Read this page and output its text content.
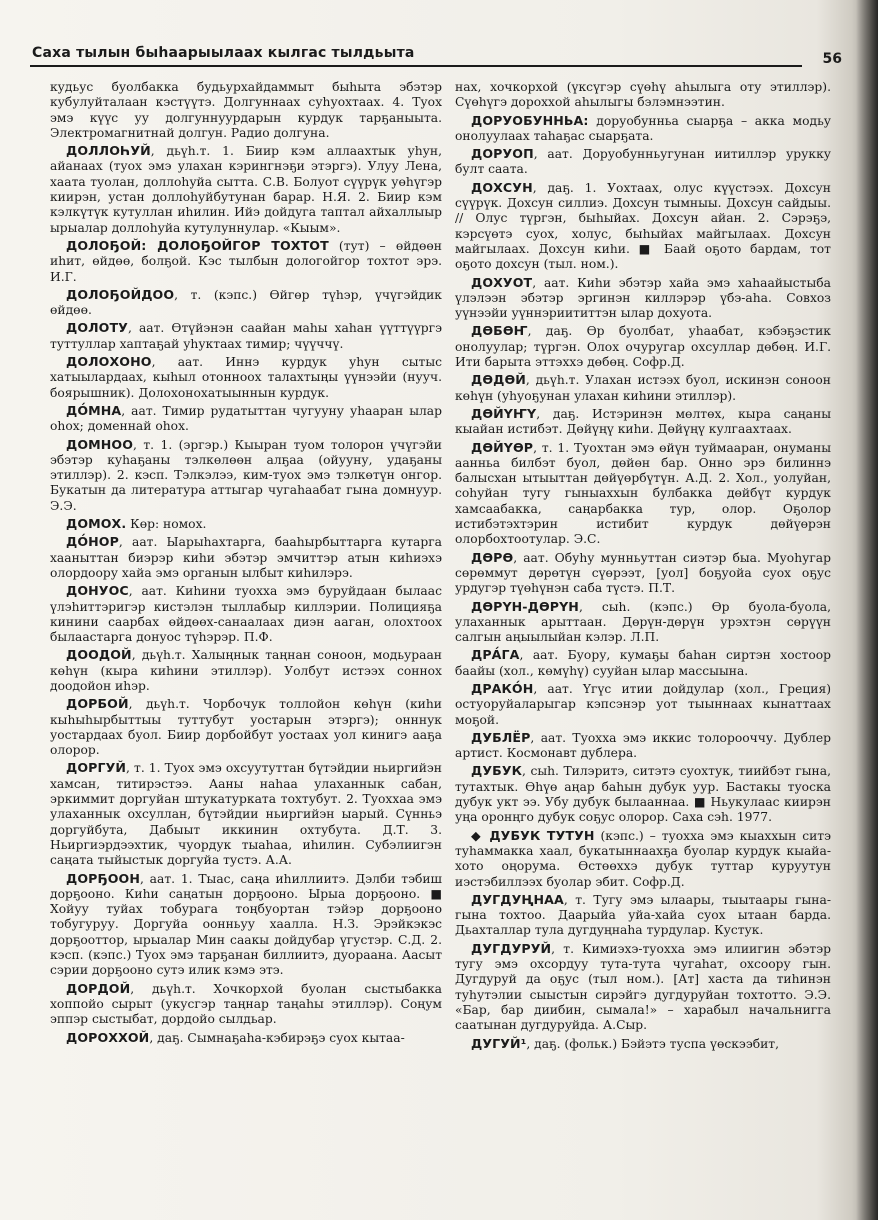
Саха тылын быһаарыылаах кылгас тылдьыта	56

кудьус буолбакка будьурхайдаммыт быһыта эбэтэр кубулуйталаан кэстүүтэ. Долгуннаах суһуохтаах. 4. Туох эмэ күүс уу долгуннуурдарын курдук тарҕаныыта. Электромагнитнай долгун. Радио долгуна.

ДОЛЛОҺУЙ, дьүһ.т. 1. Биир кэм аллаахтык уһун, айанаах (туох эмэ улахан кэрингнэҕи этэргэ). Улуу Лена, хаата туолан, доллоһуйа сытта. С.В. Болуот сүүрүк уөһүгэр киирэн, устан доллоһуйбутунан барар. Н.Я. 2. Биир кэм кэлкүтүк кутуллан иһилин. Ийэ дойдуга таптал айхаллыыр ырыалар доллоһуйа кутулуннулар. «Кыым».

ДОЛОҔОЙ: ДОЛОҔОЙГОР ТОХТОТ (тут) – өйдөөн иһит, өйдөө, болҕой. Кэс тылбын дологойгор тохтот эрэ. И.Г.

ДОЛОҔОЙДОО, т. (кэпс.) Өйгөр түһэр, үчүгэйдик өйдөө.

ДОЛОТУ, аат. Өтүйэнэн саайан маһы хаһан үүттүүргэ туттуллар хаптаҕай уһуктаах тимир; чүүччү.

ДОЛОХОНО, аат. Иннэ курдук уһун сытыс хатыылардаах, кыһыл отонноох талахтыңы үүнээйи (нууч. боярышник). Долохонохатыыннын курдук.

ДО́МНА, аат. Тимир рудатыттан чугууну уһааран ылар оһох; доменнай оһох.

ДОМНОО, т. 1. (эргэр.) Кыыран туом толорон үчүгэйи эбэтэр куһаҕаны тэлкөлөөн алҕаа (ойууну, удаҕаны этиллэр). 2. кэсп. Тэлкэлээ, ким-туох эмэ тэлкөтүн онгор. Букатын да литература аттыгар чугаһаабат гына домнуур. Э.Э.

ДОМОХ. Көр: номох.

ДО́НОР, аат. Ыарыһахтарга, бааһырбыттарга кутарга хааныттан биэрэр киһи эбэтэр эмчиттэр атын киһиэхэ олордоору хайа эмэ органын ылбыт киһилэрэ.

ДОНУОС, аат. Киһини туохха эмэ буруйдаан былаас үлэһиттэригэр кистэлэн тыллабыр киллэрии. Полицияҕа кинини саарбах өйдөөх-санаалаах диэн ааган, олохтоох былаастарга донуос түһэрэр. П.Ф.

ДООДОЙ, дьүһ.т. Халыңнык таңнан соноон, модьураан көһүн (кыра киһини этиллэр). Уолбут истээх соннох доодойон иһэр.

ДОРБОЙ, дьүһ.т. Чорбочук толлойон көһүн (киһи кыһыһырбыттыы туттубут уостарын этэргэ); онннук уостардаах буол. Биир дорбойбут уостаах уол кинигэ ааҕа олорор.

ДОРГУЙ, т. 1. Туох эмэ охсуутуттан бүтэйдии ньиргийэн хамсан, титирэстээ. Ааны наһаа улаханнык сабан, эркиммит доргуйан штукатурката тохтубут. 2. Туоххаа эмэ улаханнык охсуллан, бүтэйдии ньиргийэн ыарый. Сүнньэ доргуйбута, Дабыыт иккинин охтубута. Д.Т. 3. Ньиргиэрдээхтик, чуордук тыаһаа, иһилин. Субэлиигэн саңата тыйыстык доргуйа тустэ. А.А.

ДОРҔООН, аат. 1. Тыас, саңа иһиллиитэ. Дэлби тэбиш дорҕооно. Киһи саңатын дорҕооно. Ырыа дорҕооно. ■ Хойуу туйах тобурага тоңбуортан тэйэр дорҕооно тобугуруу. Доргуйа оонньуу хаалла. Н.З. Эрэйкэкэс дорҕооттор, ырыалар Мин саакы дойдубар үгустэр. С.Д. 2. кэсп. (кэпс.) Туох эмэ тарҕанан биллиитэ, дуораана. Аасыт сэрии дорҕооно сутэ илик кэмэ этэ.

ДОРДОЙ, дьүһ.т. Хочкорхой буолан сыстыбакка хоппойо сырыт (укусгэр таңнар таңаһы этиллэр). Соңум эппэр сыстыбат, дордойо сылдьар.

ДОРОХХОЙ, даҕ. Сымнаҕаһа-кэбирэҕэ суох кытаа-

нах, хочкорхой (үксүгэр сүөһү аһылыга оту этиллэр). Сүөһүгэ дороххой аһылыгы бэлэмнээтин.

ДОРУОБУННЬА: доруобунньа сыарҕа – акка модьу онолуулаах таһаҕас сыарҕата.

ДОРУОП, аат. Доруобунньугунан иитиллэр урукку булт саата.

ДОХСУН, даҕ. 1. Уохтаах, олус күүстээх. Дохсун сүүрүк. Дохсун силлиэ. Дохсун тымныы. Дохсун сайдыы. // Олус түргэн, быһыйах. Дохсун айан. 2. Сэрэҕэ, кэрсүөтэ суох, холус, быһыйах майгылаах. Дохсун майгылаах. Дохсун киһи. ■ Баай оҕото бардам, тот оҕото дохсун (тыл. ном.).

ДОХУОТ, аат. Киһи эбэтэр хайа эмэ хаһаайыстыба үлэлээн эбэтэр эргинэн киллэрэр үбэ-аһа. Совхоз уүнээйи уүннэриититтэн ылар дохуота.

ДӨБӨҤ, даҕ. Өр буолбат, уһаабат, кэбэҕэстик онолуулар; түргэн. Олох очуругар охсуллар дөбөң. И.Г. Ити барыта эттэххэ дөбөң. Софр.Д.

ДӨДӨЙ, дьүһ.т. Улахан истээх буол, искинэн соноон көһүн (уһуоҕунан улахан киһини этиллэр).

ДӨЙҮҤҮ, даҕ. Истэринэн мөлтөх, кыра саңаны кыайан истибэт. Дөйүңү киһи. Дөйүңү кулгаахтаах.

ДӨЙҮӨР, т. 1. Туохтан эмэ өйүн туймааран, онуманы аанньа билбэт буол, дөйөн бар. Онно эрэ билиннэ балысхан ытыыттан дөйүөрбүтүн. А.Д. 2. Хол., уолуйан, соһуйан тугу гыныаххын булбакка дөйбүт курдук хамсаабакка, саңарбакка тур, олор. Оҕолор истибэтэхтэрин истибит курдук дөйүөрэн олорбохтоотулар. Э.С.

ДӨРӨ, аат. Обуһу мунньуттан сиэтэр быа. Муоһугар сөрөммут дөрөтүн сүөрээт, [уол] боҕуойа суох оҕус урдугэр түөһүнэн саба түстэ. П.Т.

ДӨРҮН-ДӨРҮН, сыһ. (кэпс.) Өр буола-буола, улаханнык арыттаан. Дөрүн-дөрүн урэхтэн сөрүүн салгын аңыылыйан кэлэр. Л.П.

ДРА́ГА, аат. Буору, кумаҕы баһан сиртэн хостоор баайы (хол., көмүһү) сууйан ылар массыына.

ДРАКО́Н, аат. Үгүс итии дойдулар (хол., Греция) остуоруйаларыгар кэпсэнэр уот тыыннаах кынаттаах моҕой.

ДУБЛЁР, аат. Туохха эмэ иккис толорооччу. Дублер артист. Космонавт дублера.

ДУБУК, сыһ. Тилэритэ, ситэтэ суохтук, тиийбэт гына, тутахтык. Өһүө аңар баһын дубук уур. Бастакы туоска дубук укт ээ. Убу дубук былааннаа. ■ Ньукулаас киирэн уңа оронңго дубук соҕус олорор. Саха сэһ. 1977.

◆ ДУБУК ТУТУН (кэпс.) – туохха эмэ кыаххын ситэ туһаммакка хаал, букатыннаахҕа буолар курдук кыайа-хото оңорума. Өстөөххэ дубук туттар куруутун иэстэбиллээх буолар эбит. Софр.Д.

ДУГДУҢНАА, т. Тугу эмэ ылаары, тыытаары гына-гына тохтоо. Даарыйа уйа-хайа суох ытаан барда. Дьахталлар тула дугдуңнаһа турдулар. Кустук.

ДУГДУРУЙ, т. Кимиэхэ-туохха эмэ илиигин эбэтэр тугу эмэ охсордуу тута-тута чугаһат, охсоору гын. Дугдуруй да оҕус (тыл ном.). [Ат] хаста да тиһинэн туһутэлии сыыстын сирэйгэ дугдуруйан тохтотто. Э.Э. «Бар, бар диибин, сымала!» – харабыл начальнигга саатынан дугдуруйда. А.Сыр.

ДУГУЙ¹, даҕ. (фольк.) Бэйэтэ туспа үөскээбит,
